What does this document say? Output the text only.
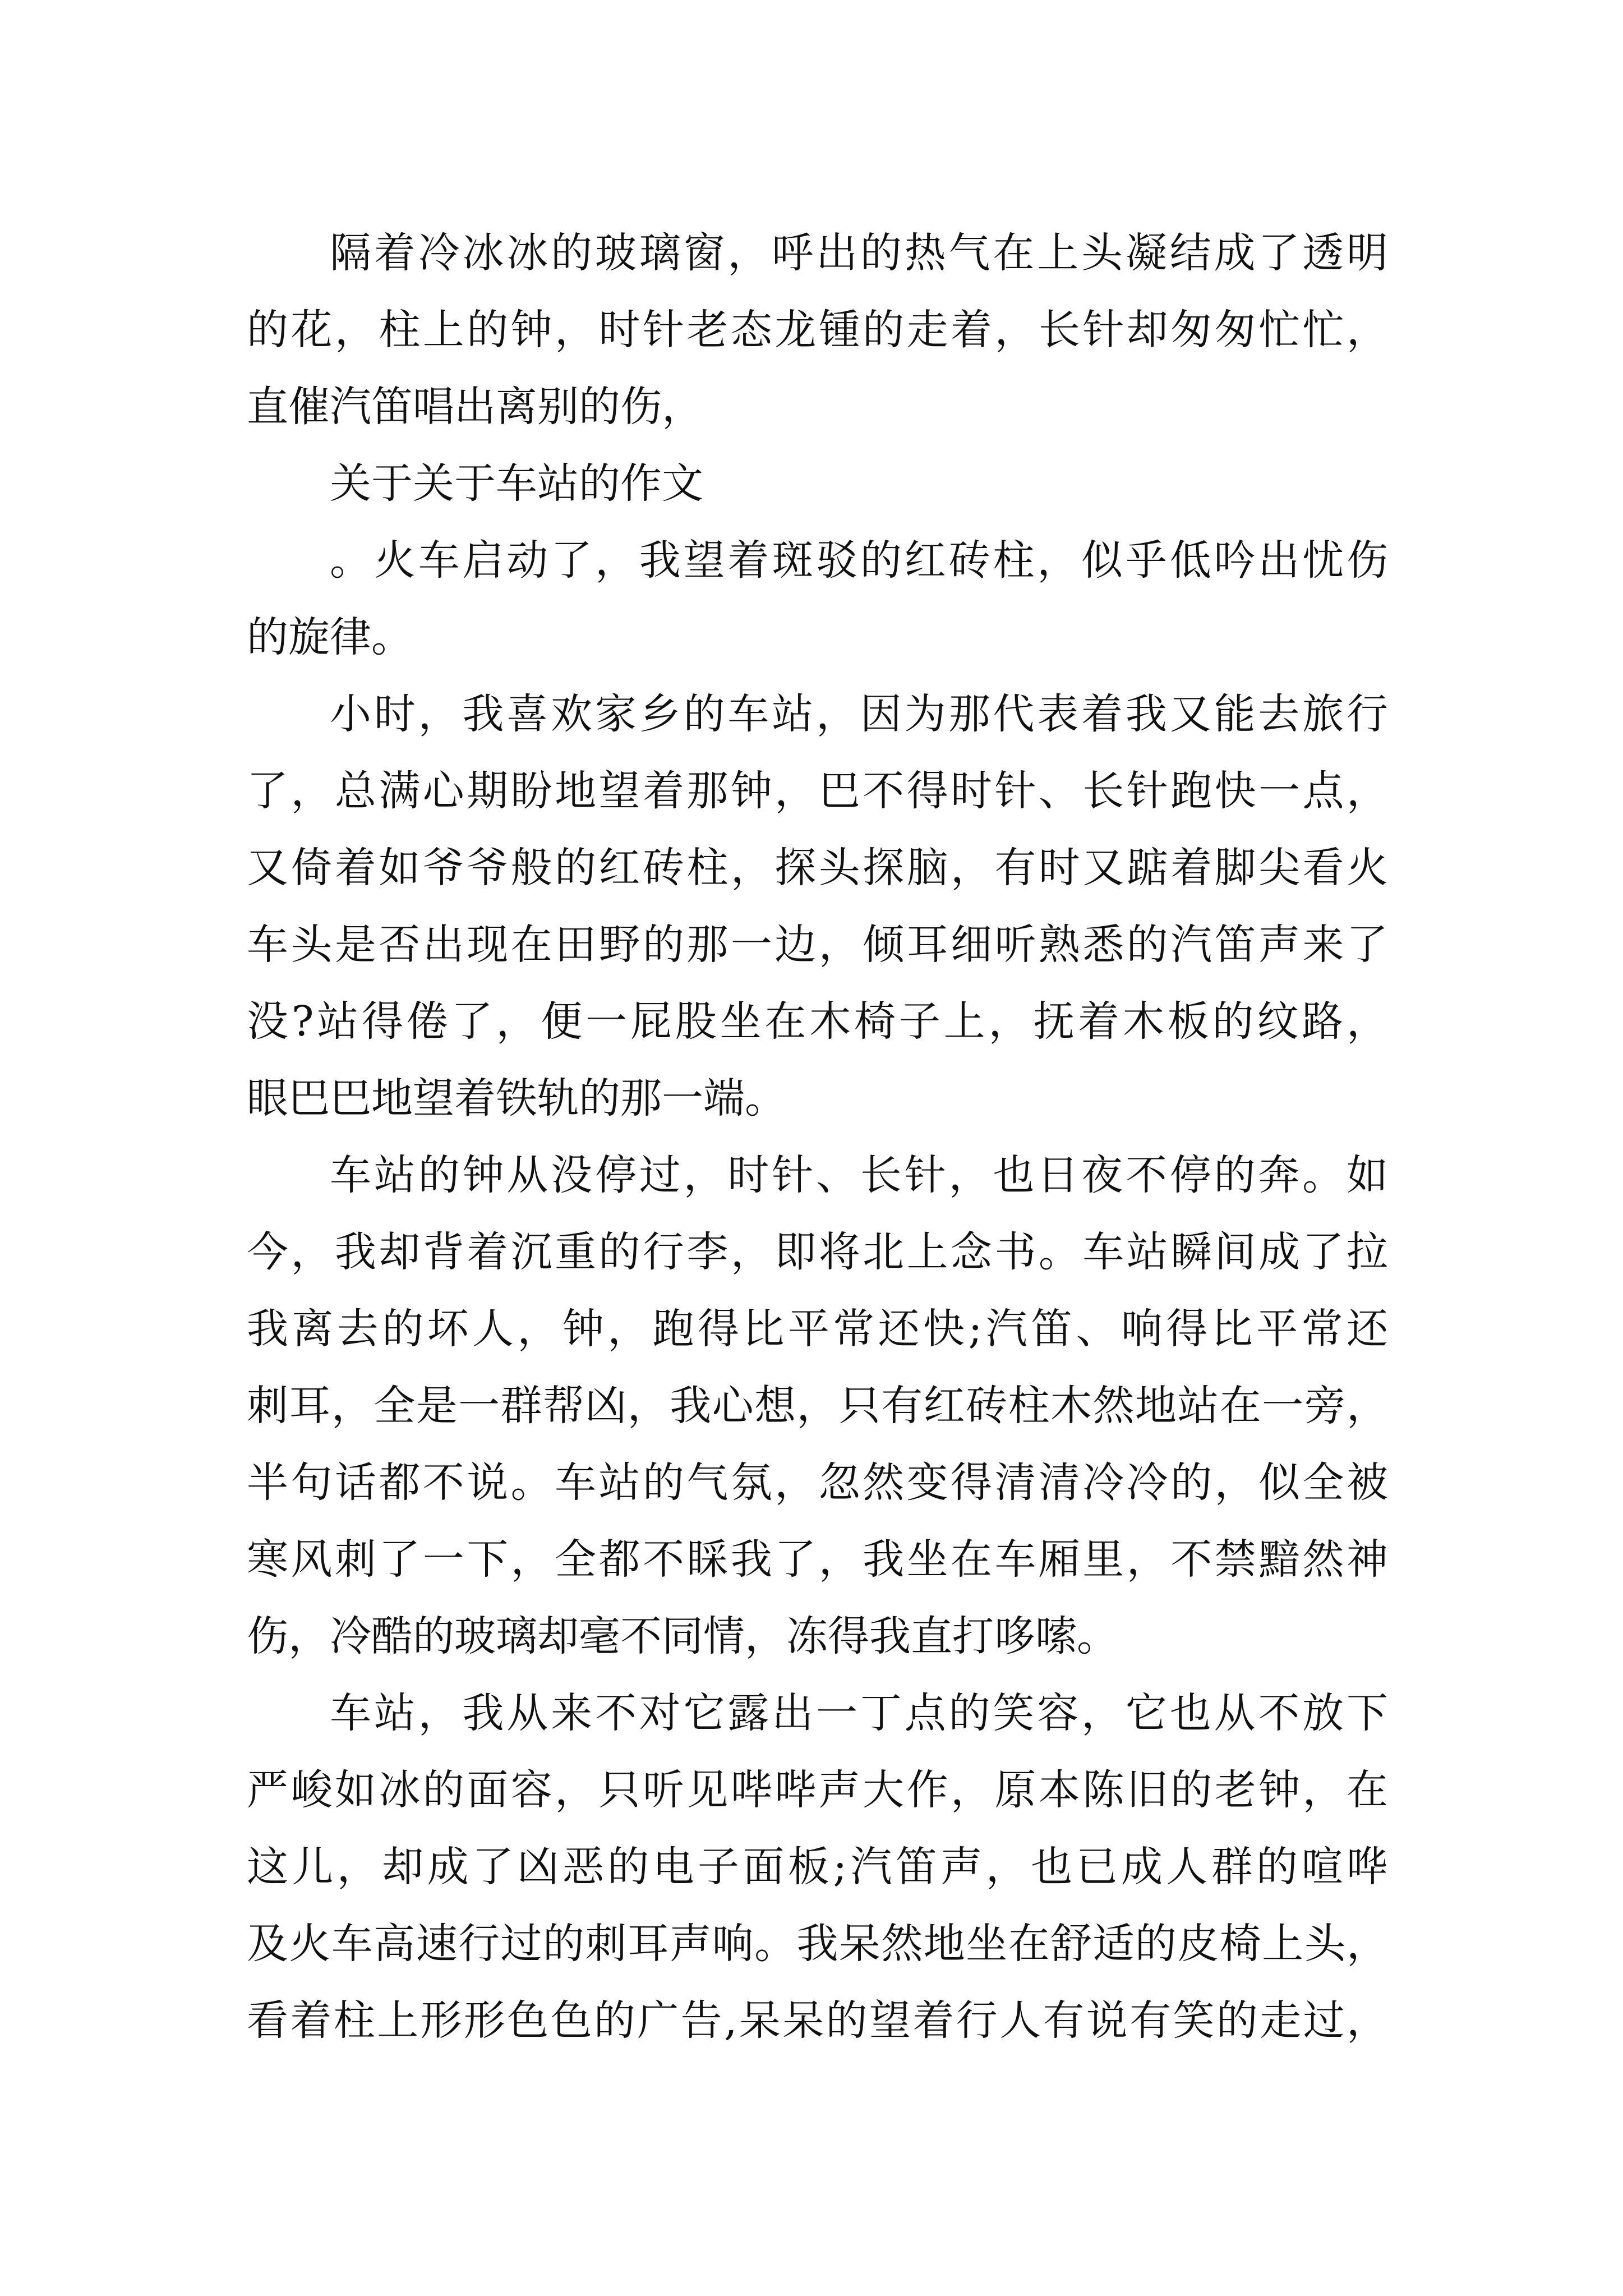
隔着冷冰冰的玻璃窗，呼出的热气在上头凝结成了透明
的花，柱上的钟，时针老态龙锺的走着，长针却匆匆忙忙，
直催汽笛唱出离别的伤，
关于关于车站的作文
。火车启动了，我望着斑驳的红砖柱，似乎低吟出忧伤
的旋律。
小时，我喜欢家乡的车站，因为那代表着我又能去旅行
了，总满心期盼地望着那钟，巴不得时针、长针跑快一点，
又倚着如爷爷般的红砖柱，探头探脑，有时又踮着脚尖看火
车头是否出现在田野的那一边，倾耳细听熟悉的汽笛声来了
没?站得倦了，便一屁股坐在木椅子上，抚着木板的纹路，
眼巴巴地望着铁轨的那一端。
车站的钟从没停过，时针、长针，也日夜不停的奔。如
今，我却背着沉重的行李，即将北上念书。车站瞬间成了拉
我离去的坏人，钟，跑得比平常还快;汽笛、响得比平常还
刺耳，全是一群帮凶，我心想，只有红砖柱木然地站在一旁，
半句话都不说。车站的气氛，忽然变得清清冷冷的，似全被
寒风刺了一下，全都不睬我了，我坐在车厢里，不禁黯然神
伤，冷酷的玻璃却毫不同情，冻得我直打哆嗦。
车站，我从来不对它露出一丁点的笑容，它也从不放下
严峻如冰的面容，只听见哔哔声大作，原本陈旧的老钟，在
这儿，却成了凶恶的电子面板;汽笛声，也已成人群的喧哗
及火车高速行过的刺耳声响。我呆然地坐在舒适的皮椅上头，
看着柱上形形色色的广告,呆呆的望着行人有说有笑的走过，
